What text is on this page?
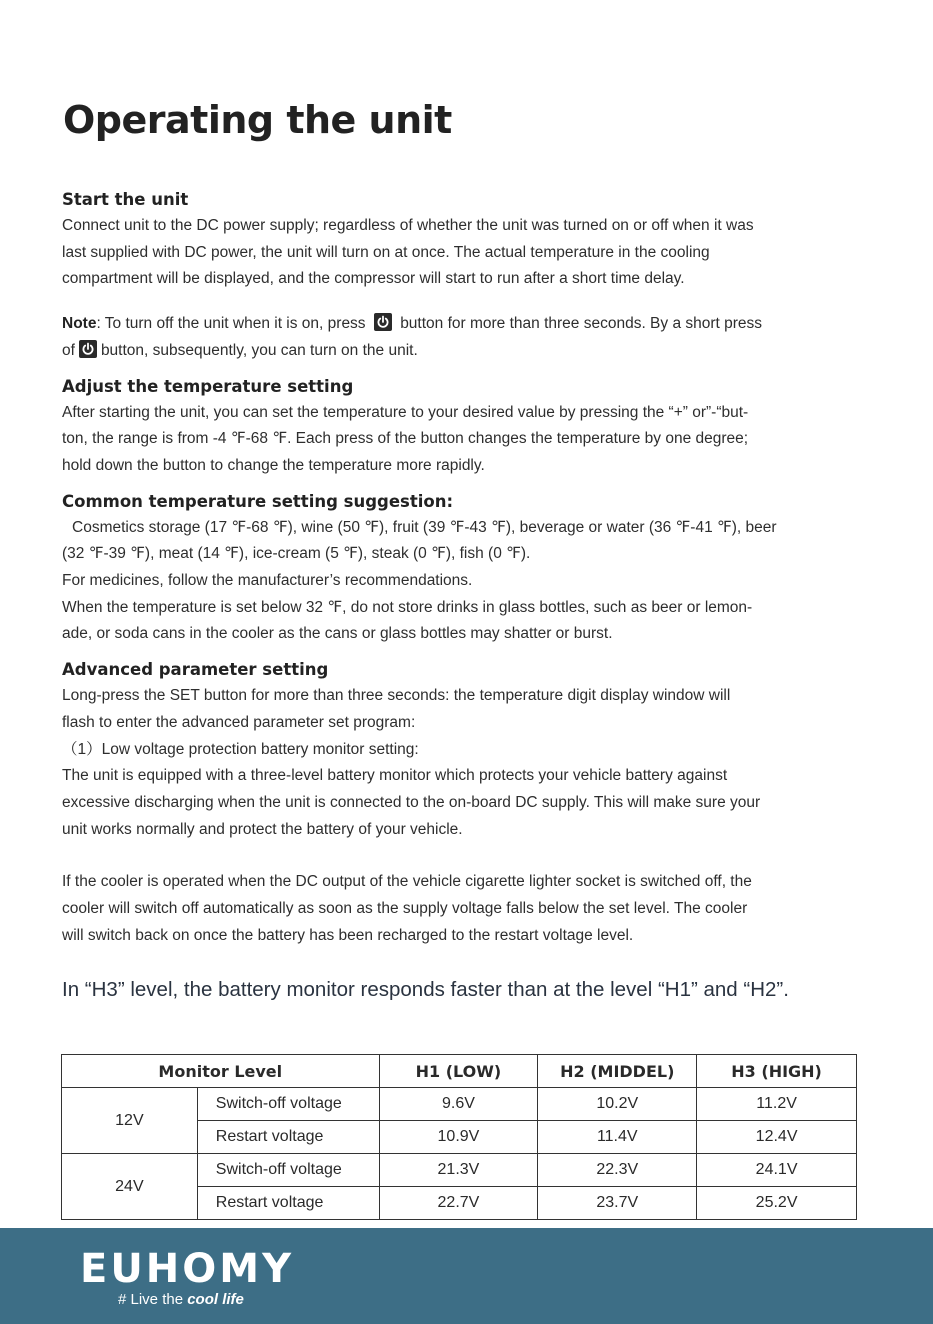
Operating the unit

Start the unit

Connect unit to the DC power supply; regardless of whether the unit was turned on or off when it was

last supplied with DC power, the unit will turn on at once. The actual temperature in the cooling

compartment will be displayed, and the compressor will start to run after a short time delay.

Note: To turn off the unit when it is on, press button for more than three seconds. By a short press

of button, subsequently, you can turn on the unit.

Adjust the temperature setting

After starting the unit, you can set the temperature to your desired value by pressing the “+” or”-“but-

ton, the range is from -4 ℉-68 ℉. Each press of the button changes the temperature by one degree;

hold down the button to change the temperature more rapidly.

Common temperature setting suggestion:

Cosmetics storage (17 ℉-68 ℉), wine (50 ℉), fruit (39 ℉-43 ℉), beverage or water (36 ℉-41 ℉), beer

(32 ℉-39 ℉), meat (14 ℉), ice-cream (5 ℉), steak (0 ℉), fish (0 ℉).

For medicines, follow the manufacturer’s recommendations.

When the temperature is set below 32 ℉, do not store drinks in glass bottles, such as beer or lemon-

ade, or soda cans in the cooler as the cans or glass bottles may shatter or burst.

Advanced parameter setting

Long-press the SET button for more than three seconds: the temperature digit display window will

flash to enter the advanced parameter set program:

（1）Low voltage protection battery monitor setting:

The unit is equipped with a three-level battery monitor which protects your vehicle battery against

excessive discharging when the unit is connected to the on-board DC supply. This will make sure your

unit works normally and protect the battery of your vehicle.

If the cooler is operated when the DC output of the vehicle cigarette lighter socket is switched off, the

cooler will switch off automatically as soon as the supply voltage falls below the set level. The cooler

will switch back on once the battery has been recharged to the restart voltage level.

In “H3” level, the battery monitor responds faster than at the level “H1” and “H2”.

Monitor Level		H1 (LOW)	H2 (MIDDEL)	H3 (HIGH)
12V	Switch-off voltage	9.6V	10.2V	11.2V
	Restart voltage	10.9V	11.4V	12.4V
24V	Switch-off voltage	21.3V	22.3V	24.1V
	Restart voltage	22.7V	23.7V	25.2V
EUHOMY
# Live the cool life
